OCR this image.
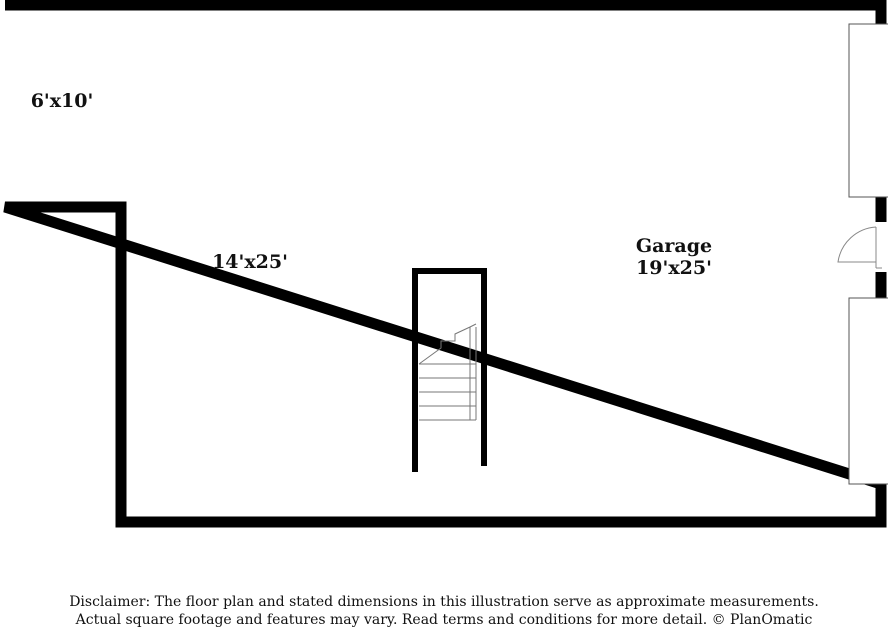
6'x10'
14'x25'
Garage
19'x25'
Disclaimer: The floor plan and stated dimensions in this illustration serve as approximate measurements.
Actual square footage and features may vary. Read terms and conditions for more detail. © PlanOmatic
